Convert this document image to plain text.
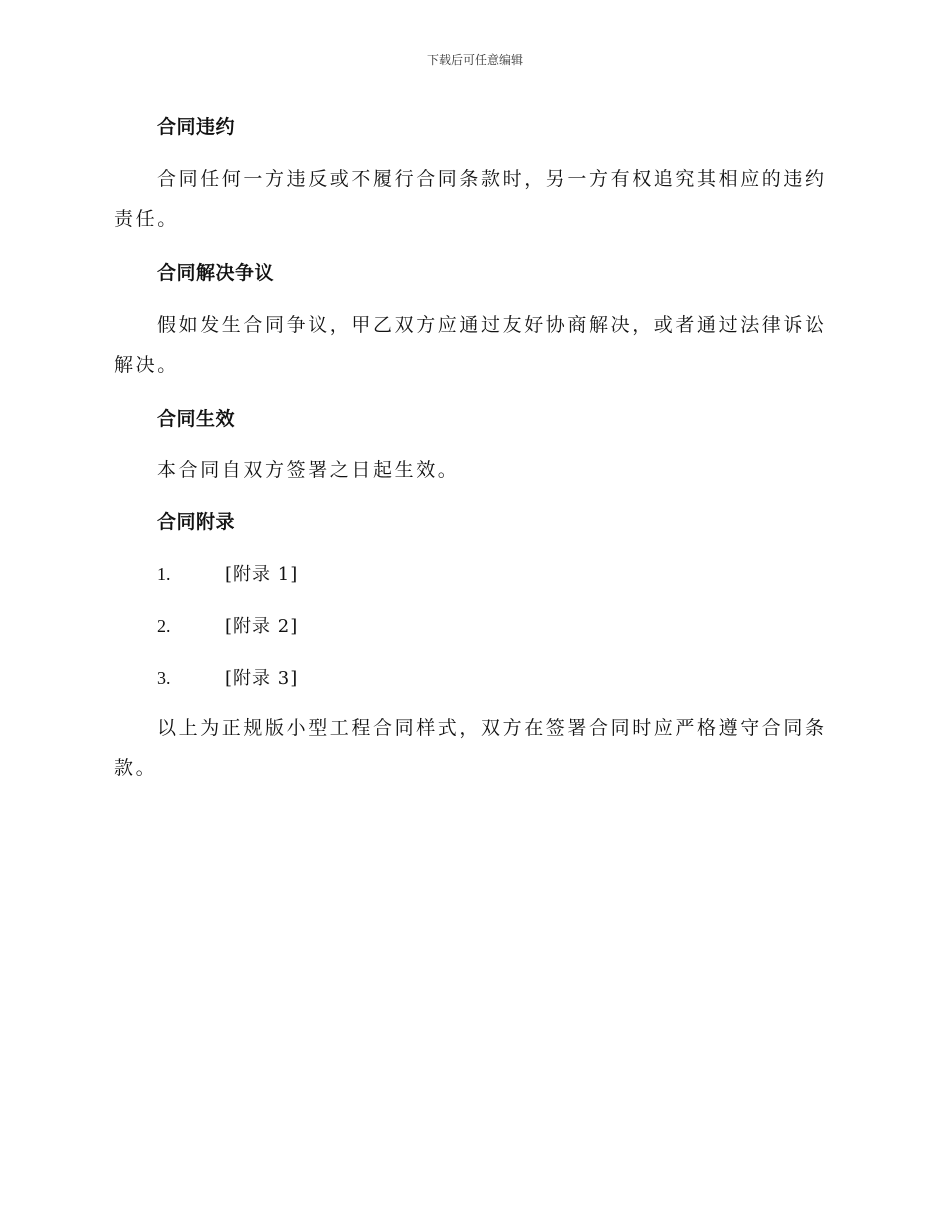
下载后可任意编辑
合同违约
合同任何一方违反或不履行合同条款时，另一方有权追究其相应的违约责任。
合同解决争议
假如发生合同争议，甲乙双方应通过友好协商解决，或者通过法律诉讼解决。
合同生效
本合同自双方签署之日起生效。
合同附录
1.	[附录 1]
2.	[附录 2]
3.	[附录 3]
以上为正规版小型工程合同样式，双方在签署合同时应严格遵守合同条款。
